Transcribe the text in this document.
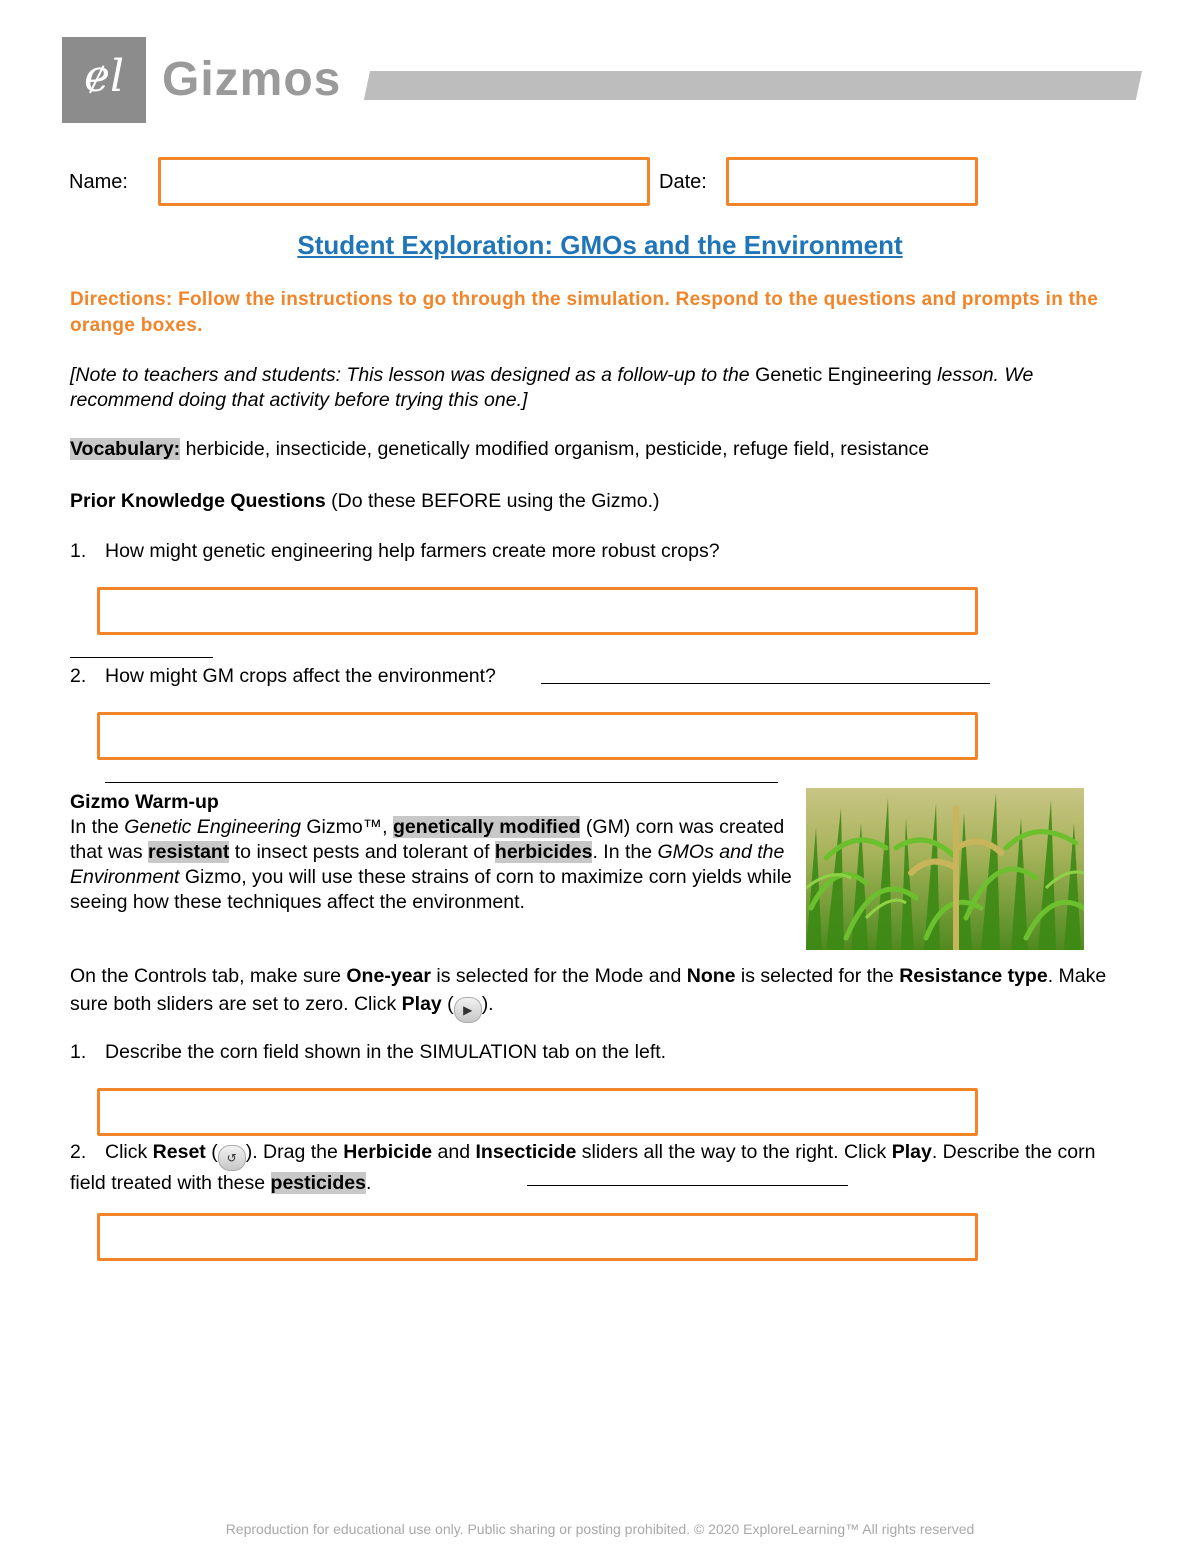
ɇl Gizmos
Name:	Date:
Student Exploration: GMOs and the Environment
Directions: Follow the instructions to go through the simulation. Respond to the questions and prompts in the orange boxes.
[Note to teachers and students: This lesson was designed as a follow-up to the Genetic Engineering lesson. We recommend doing that activity before trying this one.]
Vocabulary: herbicide, insecticide, genetically modified organism, pesticide, refuge field, resistance
Prior Knowledge Questions (Do these BEFORE using the Gizmo.)
1. How might genetic engineering help farmers create more robust crops?
2. How might GM crops affect the environment?
Gizmo Warm-up
In the Genetic Engineering Gizmo™, genetically modified (GM) corn was created that was resistant to insect pests and tolerant of herbicides. In the GMOs and the Environment Gizmo, you will use these strains of corn to maximize corn yields while seeing how these techniques affect the environment.
On the Controls tab, make sure One-year is selected for the Mode and None is selected for the Resistance type. Make sure both sliders are set to zero. Click Play ( ▶ ).
1. Describe the corn field shown in the SIMULATION tab on the left.
2. Click Reset ( ↺ ). Drag the Herbicide and Insecticide sliders all the way to the right. Click Play. Describe the corn field treated with these pesticides.
Reproduction for educational use only. Public sharing or posting prohibited. © 2020 ExploreLearning™ All rights reserved
